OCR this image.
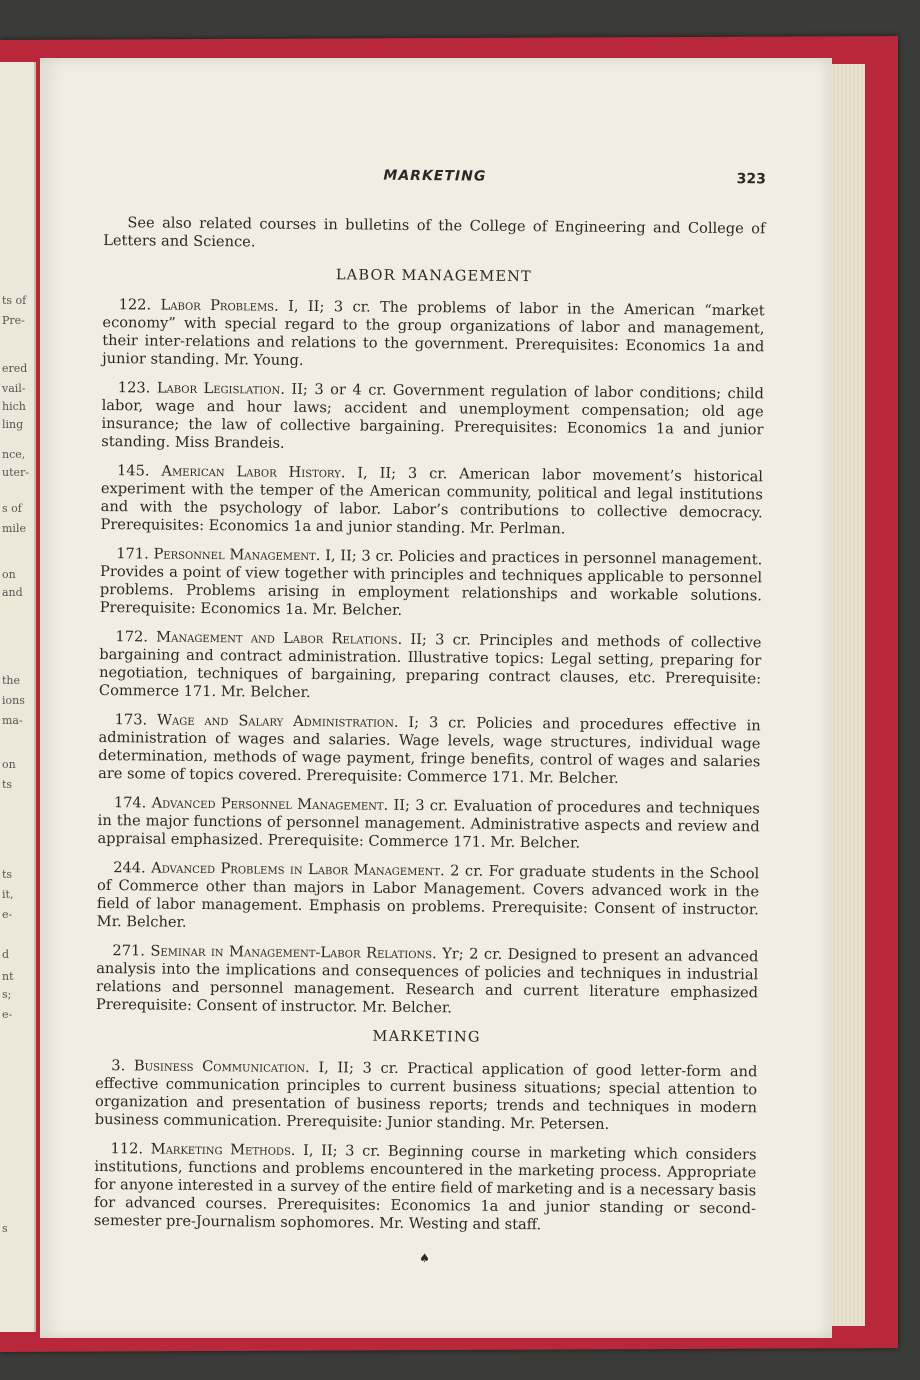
ts of
Pre-
ered
vail-
hich
ling
nce,
uter-
s of
mile
on
and
the
ions
ma-
on
ts
ts
it,
e-
d
nt
s;
e-
s
MARKETING	323

See also related courses in bulletins of the College of Engineering and College of Letters and Science.

LABOR MANAGEMENT

122. Labor Problems. I, II; 3 cr. The problems of labor in the American “market economy” with special regard to the group organizations of labor and management, their inter-relations and relations to the government. Prerequisites: Economics 1a and junior standing. Mr. Young.

123. Labor Legislation. II; 3 or 4 cr. Government regulation of labor conditions; child labor, wage and hour laws; accident and unemployment compensation; old age insurance; the law of collective bargaining. Prerequisites: Economics 1a and junior standing. Miss Brandeis.

145. American Labor History. I, II; 3 cr. American labor movement’s historical experiment with the temper of the American community, political and legal institutions and with the psychology of labor. Labor’s contributions to collective democracy. Prerequisites: Economics 1a and junior standing. Mr. Perlman.

171. Personnel Management. I, II; 3 cr. Policies and practices in personnel management. Provides a point of view together with principles and techniques applicable to personnel problems. Problems arising in employment relationships and workable solutions. Prerequisite: Economics 1a. Mr. Belcher.

172. Management and Labor Relations. II; 3 cr. Principles and methods of collective bargaining and contract administration. Illustrative topics: Legal setting, preparing for negotiation, techniques of bargaining, preparing contract clauses, etc. Prerequisite: Commerce 171. Mr. Belcher.

173. Wage and Salary Administration. I; 3 cr. Policies and procedures effective in administration of wages and salaries. Wage levels, wage structures, individual wage determination, methods of wage payment, fringe benefits, control of wages and salaries are some of topics covered. Prerequisite: Commerce 171. Mr. Belcher.

174. Advanced Personnel Management. II; 3 cr. Evaluation of procedures and techniques in the major functions of personnel management. Administrative aspects and review and appraisal emphasized. Prerequisite: Commerce 171. Mr. Belcher.

244. Advanced Problems in Labor Management. 2 cr. For graduate students in the School of Commerce other than majors in Labor Management. Covers advanced work in the field of labor management. Emphasis on problems. Prerequisite: Consent of instructor. Mr. Belcher.

271. Seminar in Management-Labor Relations. Yr; 2 cr. Designed to present an advanced analysis into the implications and consequences of policies and techniques in industrial relations and personnel management. Research and current literature emphasized Prerequisite: Consent of instructor. Mr. Belcher.

MARKETING

3. Business Communication. I, II; 3 cr. Practical application of good letter-form and effective communication principles to current business situations; special attention to organization and presentation of business reports; trends and techniques in modern business communication. Prerequisite: Junior standing. Mr. Petersen.

112. Marketing Methods. I, II; 3 cr. Beginning course in marketing which considers institutions, functions and problems encountered in the marketing process. Appropriate for anyone interested in a survey of the entire field of marketing and is a necessary basis for advanced courses. Prerequisites: Economics 1a and junior standing or second-semester pre-Journalism sophomores. Mr. Westing and staff.

♠
